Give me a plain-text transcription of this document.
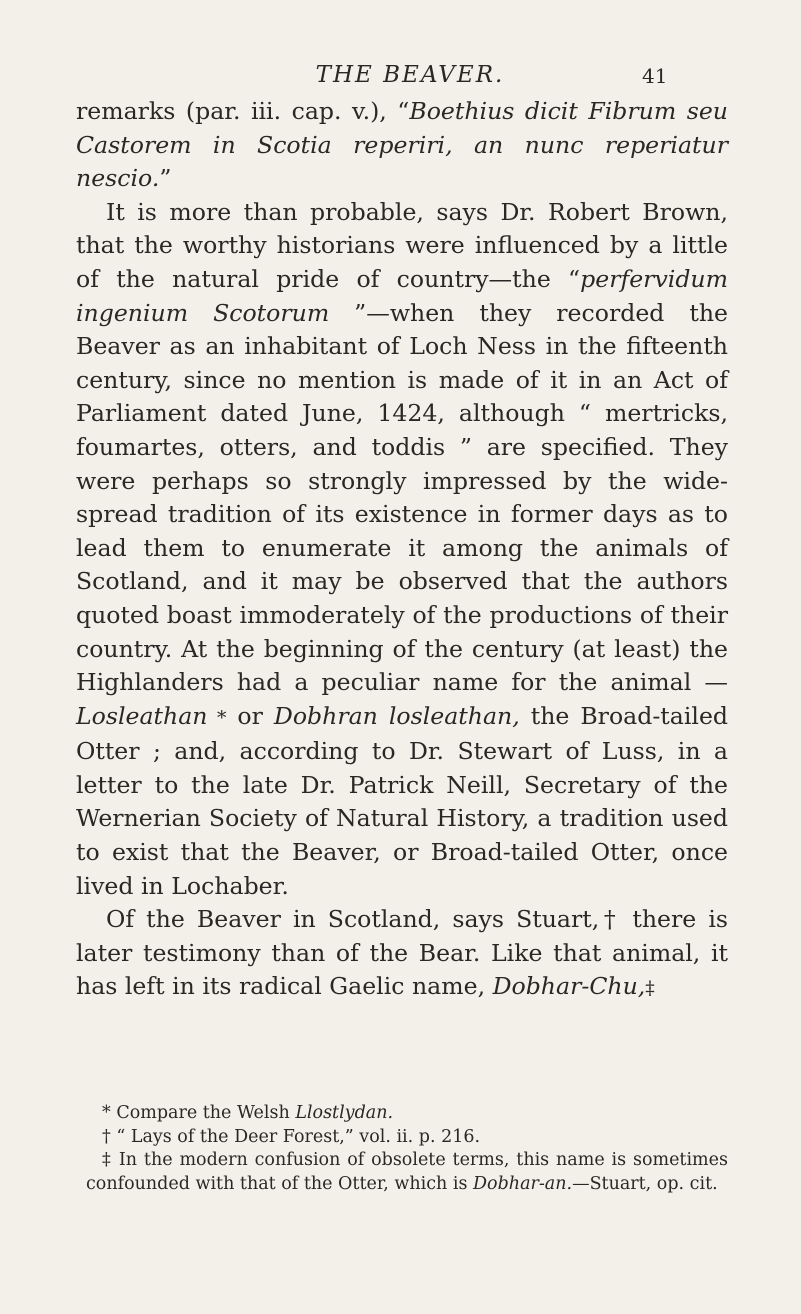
THE BEAVER.	41

remarks (par. iii. cap. v.), “Boethius dicit Fibrum seu Castorem in Scotia reperiri, an nunc reperiatur nescio.”

It is more than probable, says Dr. Robert Brown, that the worthy historians were influenced by a little of the natural pride of country—the “perfervidum ingenium Scotorum ”—when they recorded the Beaver as an inhabitant of Loch Ness in the fifteenth century, since no mention is made of it in an Act of Parliament dated June, 1424, although “ mertricks, foumartes, otters, and toddis ” are specified. They were perhaps so strongly impressed by the wide-spread tradition of its existence in former days as to lead them to enumerate it among the animals of Scotland, and it may be observed that the authors quoted boast immoderately of the productions of their country. At the beginning of the century (at least) the Highlanders had a peculiar name for the animal —Losleathan * or Dobhran losleathan, the Broad-tailed Otter ; and, according to Dr. Stewart of Luss, in a letter to the late Dr. Patrick Neill, Secretary of the Wernerian Society of Natural History, a tradition used to exist that the Beaver, or Broad-tailed Otter, once lived in Lochaber.

Of the Beaver in Scotland, says Stuart,† there is later testimony than of the Bear. Like that animal, it has left in its radical Gaelic name, Dobhar-Chu,‡

* Compare the Welsh Llostlydan.

† “ Lays of the Deer Forest,” vol. ii. p. 216.

‡ In the modern confusion of obsolete terms, this name is sometimes confounded with that of the Otter, which is Dobhar-an.—Stuart, op. cit.
